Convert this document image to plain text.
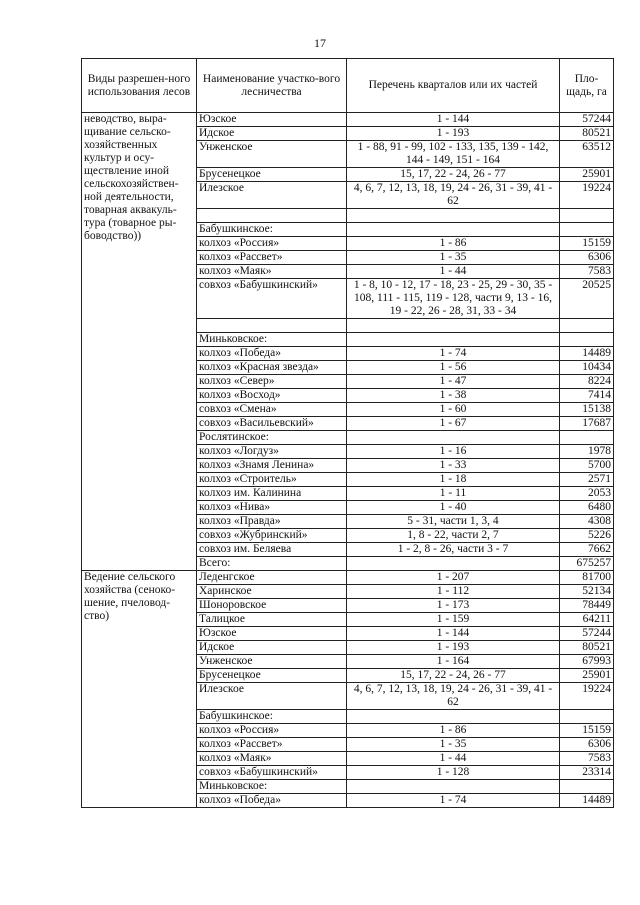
17
Виды разрешен-ного использования лесов	Наименование участко-вого лесничества	Перечень кварталов или их частей	Пло-щадь, га
неводство, выра-щивание сельско-хозяйственных культур и осу-ществление иной сельскохозяйствен-ной деятельности, товарная аквакуль-тура (товарное ры-боводство))	Юзское	1 - 144	57244
	Идское	1 - 193	80521
	Унженское	1 - 88, 91 - 99, 102 - 133, 135, 139 - 142, 144 - 149, 151 - 164	63512
	Брусенецкое	15, 17, 22 - 24, 26 - 77	25901
	Илезское	4, 6, 7, 12, 13, 18, 19, 24 - 26, 31 - 39, 41 - 62	19224

	Бабушкинское:		
	колхоз «Россия»	1 - 86	15159
	колхоз «Рассвет»	1 - 35	6306
	колхоз «Маяк»	1 - 44	7583
	совхоз «Бабушкинский»	1 - 8, 10 - 12, 17 - 18, 23 - 25, 29 - 30, 35 - 108, 111 - 115, 119 - 128, части 9, 13 - 16, 19 - 22, 26 - 28, 31, 33 - 34	20525

	Миньковское:		
	колхоз «Победа»	1 - 74	14489
	колхоз «Красная звезда»	1 - 56	10434
	колхоз «Север»	1 - 47	8224
	колхоз «Восход»	1 - 38	7414
	совхоз «Смена»	1 - 60	15138
	совхоз «Васильевский»	1 - 67	17687
	Рослятинское:		
	колхоз «Логдуз»	1 - 16	1978
	колхоз «Знамя Ленина»	1 - 33	5700
	колхоз «Строитель»	1 - 18	2571
	колхоз им. Калинина	1 - 11	2053
	колхоз «Нива»	1 - 40	6480
	колхоз «Правда»	5 - 31, части 1, 3, 4	4308
	совхоз «Жубринский»	1, 8 - 22, части 2, 7	5226
	совхоз им. Беляева	1 - 2, 8 - 26, части 3 - 7	7662
	Всего:		675257
Ведение сельского хозяйства (сеноко-шение, пчеловод-ство)	Леденгское	1 - 207	81700
	Харинское	1 - 112	52134
	Шоноровское	1 - 173	78449
	Талицкое	1 - 159	64211
	Юзское	1 - 144	57244
	Идское	1 - 193	80521
	Унженское	1 - 164	67993
	Брусенецкое	15, 17, 22 - 24, 26 - 77	25901
	Илезское	4, 6, 7, 12, 13, 18, 19, 24 - 26, 31 - 39, 41 - 62	19224
	Бабушкинское:		
	колхоз «Россия»	1 - 86	15159
	колхоз «Рассвет»	1 - 35	6306
	колхоз «Маяк»	1 - 44	7583
	совхоз «Бабушкинский»	1 - 128	23314
	Миньковское:		
	колхоз «Победа»	1 - 74	14489
